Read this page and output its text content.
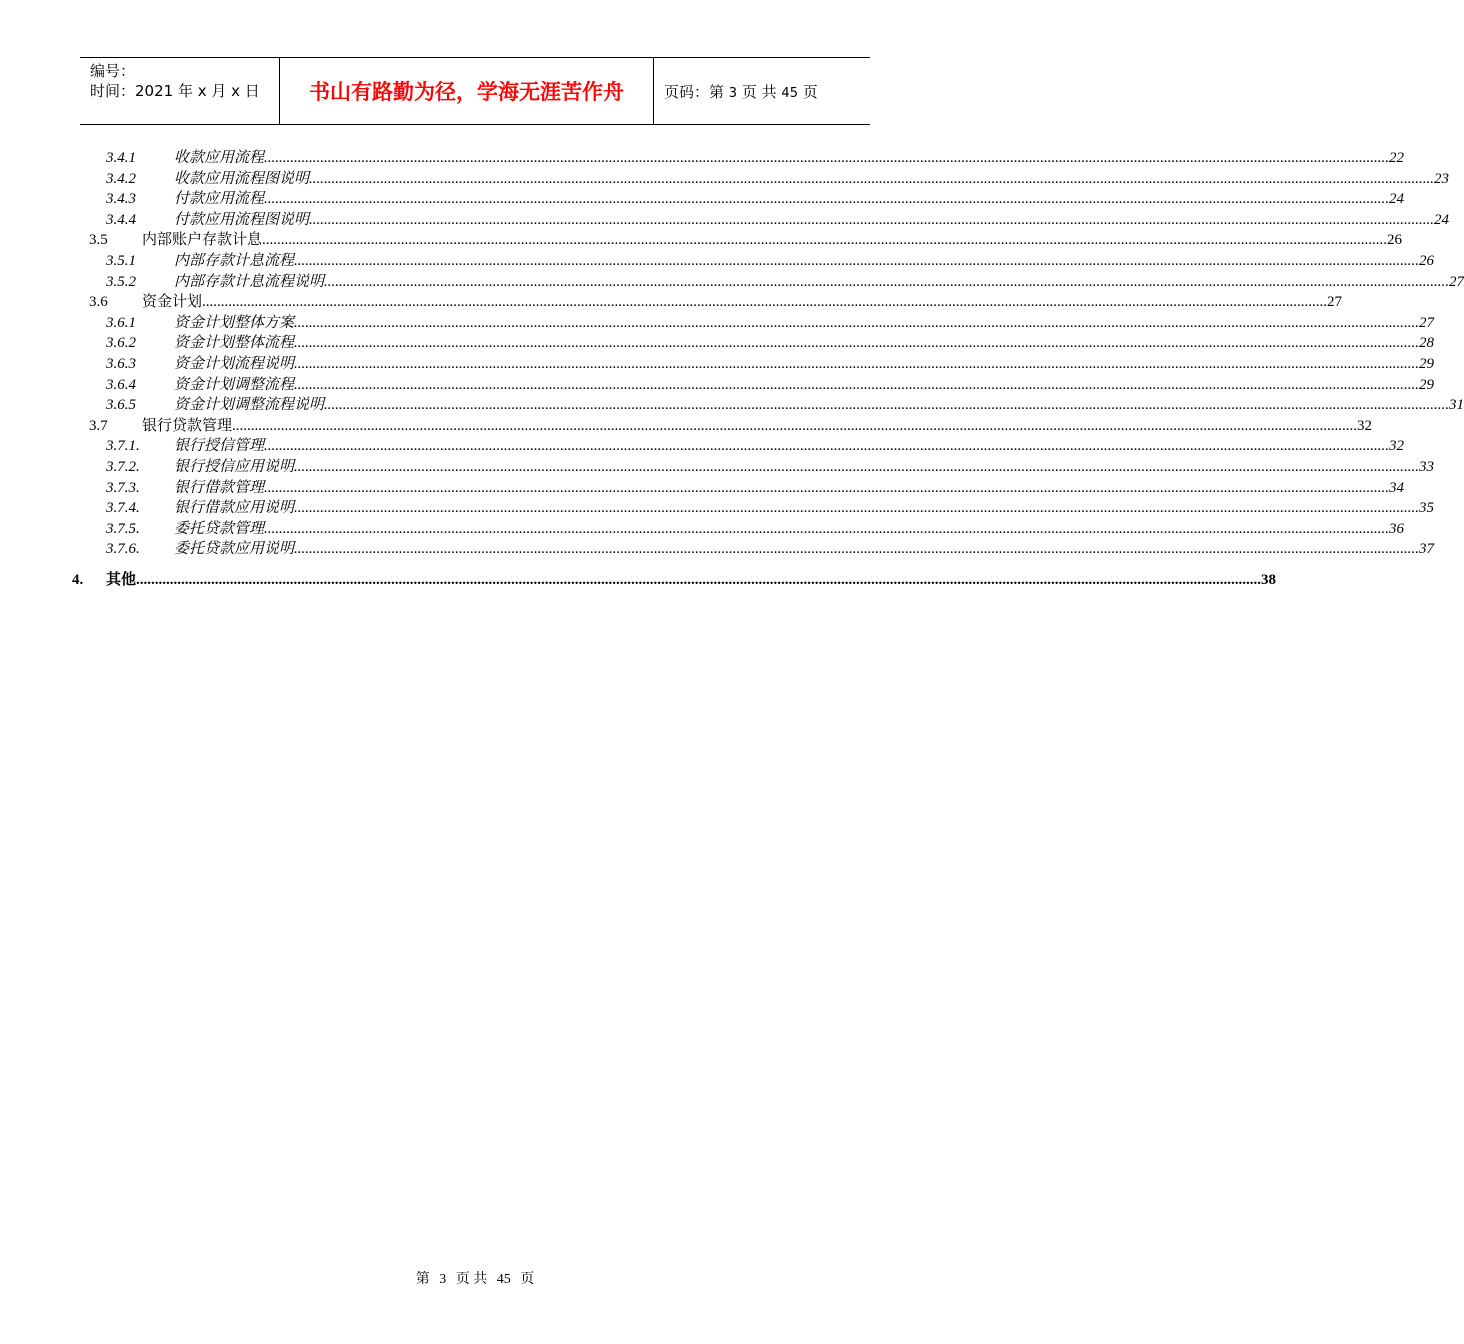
编号：
时间：2021 年 x 月 x 日	书山有路勤为径，学海无涯苦作舟	页码：第 3 页 共 45 页
3.4.1	收款应用流程 ............................................................................................................................................................................................................................................................................................................ 22
3.4.2	收款应用流程图说明 ............................................................................................................................................................................................................................................................................................................ 23
3.4.3	付款应用流程 ............................................................................................................................................................................................................................................................................................................ 24
3.4.4	付款应用流程图说明 ............................................................................................................................................................................................................................................................................................................ 24
3.5 内部账户存款计息 ............................................................................................................................................................................................................................................................................................................ 26
3.5.1	内部存款计息流程 ............................................................................................................................................................................................................................................................................................................ 26
3.5.2	内部存款计息流程说明 ............................................................................................................................................................................................................................................................................................................ 27
3.6 资金计划 ............................................................................................................................................................................................................................................................................................................ 27
3.6.1	资金计划整体方案 ............................................................................................................................................................................................................................................................................................................ 27
3.6.2	资金计划整体流程 ............................................................................................................................................................................................................................................................................................................ 28
3.6.3	资金计划流程说明 ............................................................................................................................................................................................................................................................................................................ 29
3.6.4	资金计划调整流程 ............................................................................................................................................................................................................................................................................................................ 29
3.6.5	资金计划调整流程说明 ............................................................................................................................................................................................................................................................................................................ 31
3.7 银行贷款管理 ............................................................................................................................................................................................................................................................................................................ 32
3.7.1. 银行授信管理 ............................................................................................................................................................................................................................................................................................................ 32
3.7.2. 银行授信应用说明 ............................................................................................................................................................................................................................................................................................................ 33
3.7.3. 银行借款管理 ............................................................................................................................................................................................................................................................................................................ 34
3.7.4. 银行借款应用说明 ............................................................................................................................................................................................................................................................................................................ 35
3.7.5. 委托贷款管理 ............................................................................................................................................................................................................................................................................................................ 36
3.7.6. 委托贷款应用说明 ............................................................................................................................................................................................................................................................................................................ 37
4. 其他 ............................................................................................................................................................................................................................................................................................................ 38
第 3 页 共 45 页
